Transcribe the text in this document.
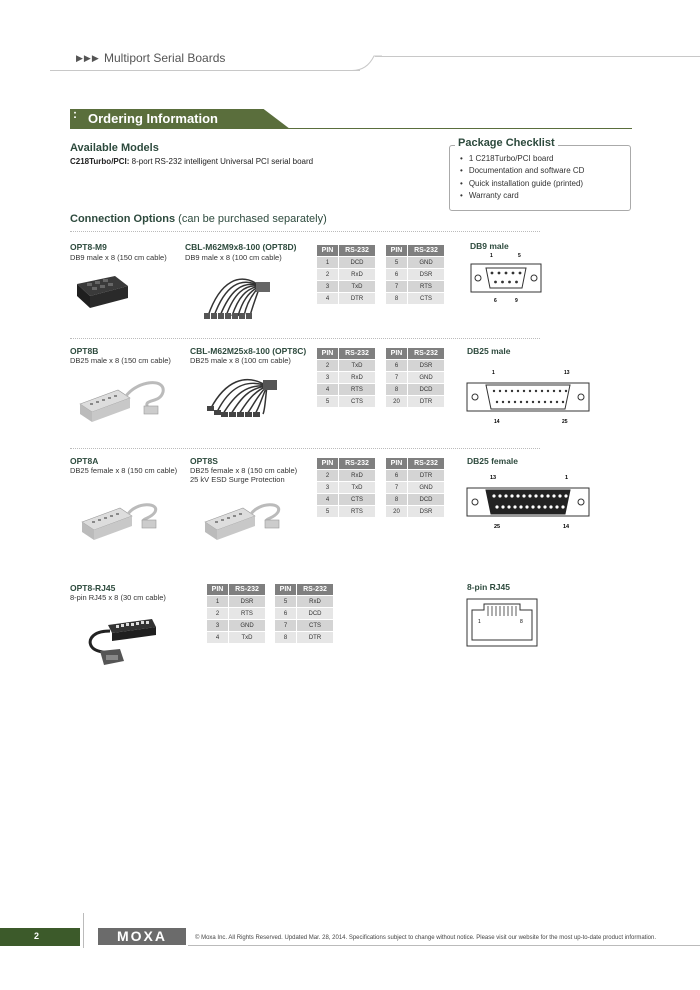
▶▶▶ Multiport Serial Boards
: Ordering Information
Available Models
C218Turbo/PCI: 8-port RS-232 intelligent Universal PCI serial board
Package Checklist
• 1 C218Turbo/PCI board
• Documentation and software CD
• Quick installation guide (printed)
• Warranty card
Connection Options (can be purchased separately)
OPT8-M9
DB9 male x 8 (150 cm cable)
CBL-M62M9x8-100 (OPT8D)
DB9 male x 8 (100 cm cable)
PIN	RS-232
1	DCD
2	RxD
3	TxD
4	DTR
PIN	RS-232
5	GND
6	DSR
7	RTS
8	CTS
DB9 male
1	5
6	9
OPT8B
DB25 male x 8 (150 cm cable)
CBL-M62M25x8-100 (OPT8C)
DB25 male x 8 (100 cm cable)
PIN	RS-232
2	TxD
3	RxD
4	RTS
5	CTS
PIN	RS-232
6	DSR
7	GND
8	DCD
20	DTR
DB25 male
1	13
14	25
OPT8A
DB25 female x 8 (150 cm cable)
OPT8S
DB25 female x 8 (150 cm cable)
25 kV ESD Surge Protection
PIN	RS-232
2	RxD
3	TxD
4	CTS
5	RTS
PIN	RS-232
6	DTR
7	GND
8	DCD
20	DSR
DB25 female
13	1
25	14
OPT8-RJ45
8-pin RJ45 x 8 (30 cm cable)
PIN	RS-232
1	DSR
2	RTS
3	GND
4	TxD
PIN	RS-232
5	RxD
6	DCD
7	CTS
8	DTR
8-pin RJ45
1	8
2	MOXA	© Moxa Inc. All Rights Reserved. Updated Mar. 28, 2014. Specifications subject to change without notice. Please visit our website for the most up-to-date product information.
